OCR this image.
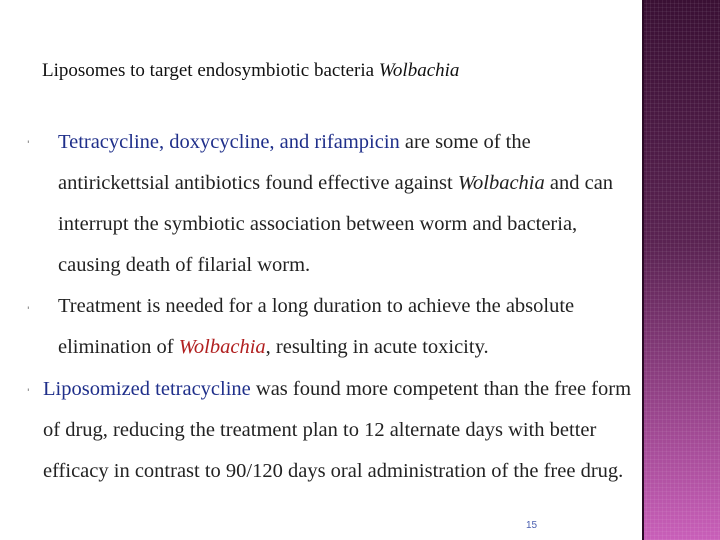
Liposomes to target endosymbiotic bacteria Wolbachia
' Tetracycline, doxycycline, and rifampicin are some of the antirickettsial antibiotics found effective against Wolbachia and can interrupt the symbiotic association between worm and bacteria, causing death of filarial worm.
' Treatment is needed for a long duration to achieve the absolute elimination of Wolbachia, resulting in acute toxicity.
' Liposomized tetracycline was found more competent than the free form of drug, reducing the treatment plan to 12 alternate days with better efficacy in contrast to 90/120 days oral administration of the free drug.
15
